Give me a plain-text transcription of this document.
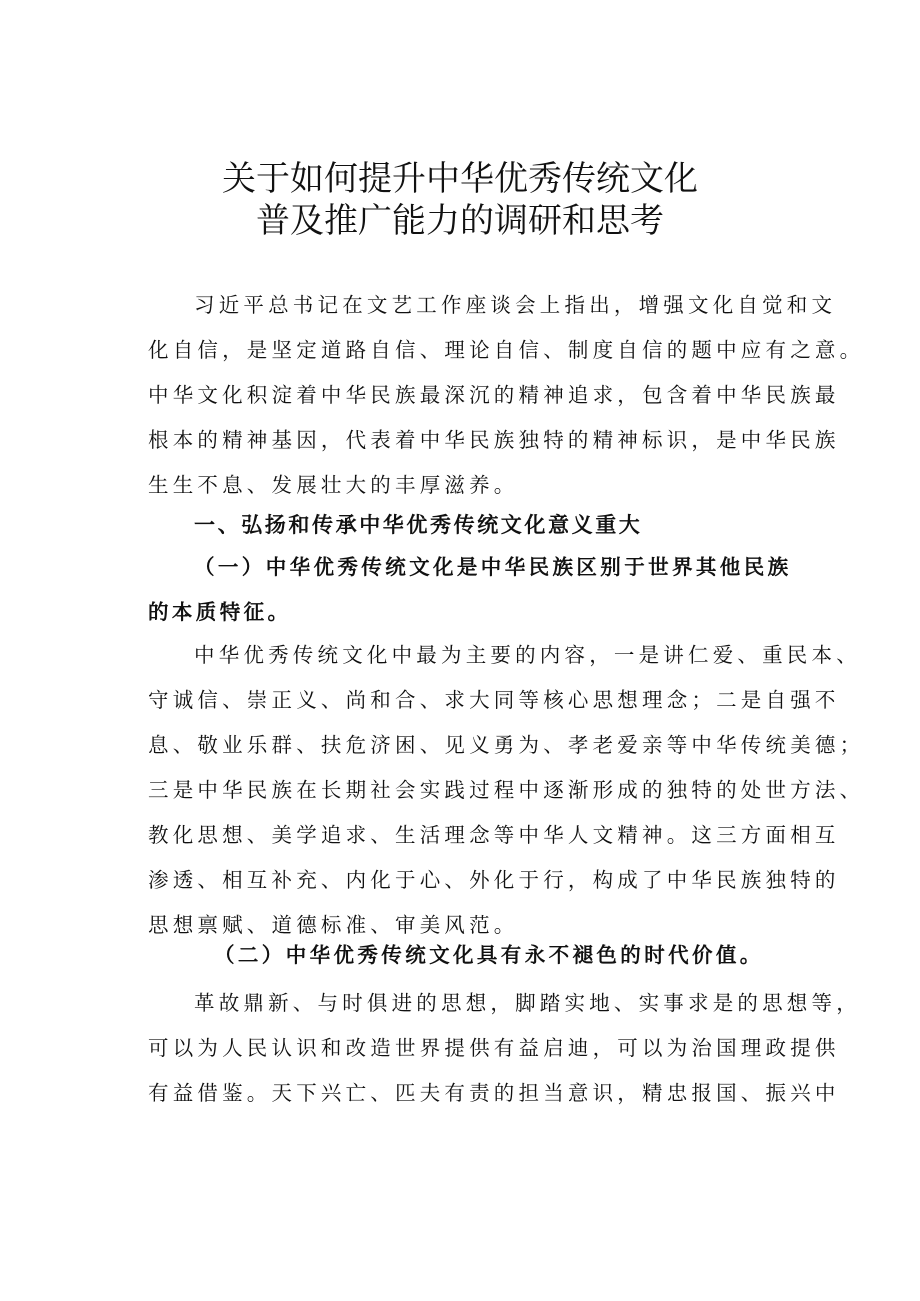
关于如何提升中华优秀传统文化
普及推广能力的调研和思考
习近平总书记在文艺工作座谈会上指出，增强文化自觉和文
化自信，是坚定道路自信、理论自信、制度自信的题中应有之意。
中华文化积淀着中华民族最深沉的精神追求，包含着中华民族最
根本的精神基因，代表着中华民族独特的精神标识，是中华民族
生生不息、发展壮大的丰厚滋养。
一、弘扬和传承中华优秀传统文化意义重大
（一）中华优秀传统文化是中华民族区别于世界其他民族
的本质特征。
中华优秀传统文化中最为主要的内容，一是讲仁爱、重民本、
守诚信、崇正义、尚和合、求大同等核心思想理念；二是自强不
息、敬业乐群、扶危济困、见义勇为、孝老爱亲等中华传统美德；
三是中华民族在长期社会实践过程中逐渐形成的独特的处世方法、
教化思想、美学追求、生活理念等中华人文精神。这三方面相互
渗透、相互补充、内化于心、外化于行，构成了中华民族独特的
思想禀赋、道德标准、审美风范。
（二）中华优秀传统文化具有永不褪色的时代价值。
革故鼎新、与时俱进的思想，脚踏实地、实事求是的思想等，
可以为人民认识和改造世界提供有益启迪，可以为治国理政提供
有益借鉴。天下兴亡、匹夫有责的担当意识，精忠报国、振兴中
